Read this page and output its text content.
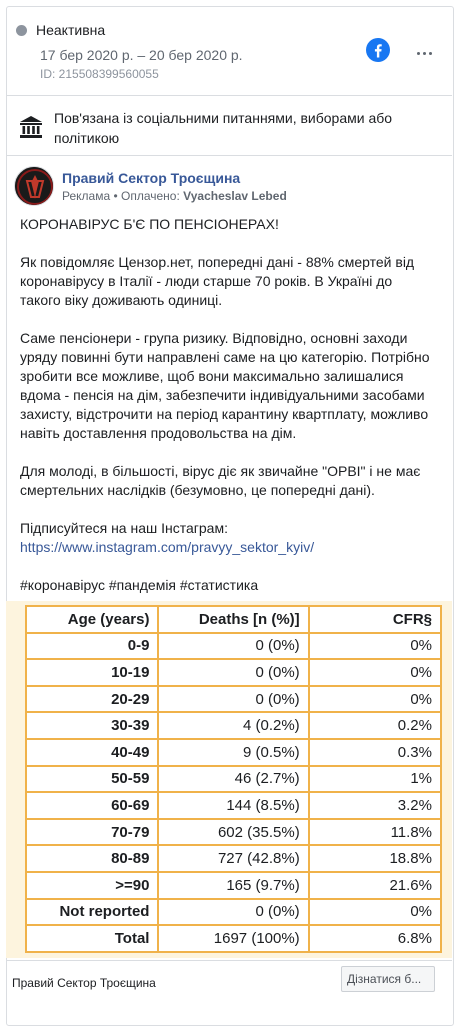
Неактивна
17 бер 2020 р. – 20 бер 2020 р.
ID: 215508399560055
Пов'язана із соціальними питаннями, виборами або політикою
Правий Сектор Троєщина
Реклама • Оплачено: Vyacheslav Lebed

КОРОНАВІРУС Б'Є ПО ПЕНСІОНЕРАХ!

Як повідомляє Цензор.нет, попередні дані - 88% смертей від коронавірусу в Італії - люди старше 70 років. В Україні до такого віку доживають одиниці.

Саме пенсіонери - група ризику. Відповідно, основні заходи уряду повинні бути направлені саме на цю категорію. Потрібно зробити все можливе, щоб вони максимально залишалися вдома - пенсія на дім, забезпечити індивідуальними засобами захисту, відстрочити на період карантину квартплату, можливо навіть доставлення продовольства на дім.

Для молоді, в більшості, вірус діє як звичайне "ОРВІ" і не має смертельних наслідків (безумовно, це попередні дані).

Підписуйтеся на наш Інстаграм:

https://www.instagram.com/pravyy_sektor_kyiv/

#коронавірус #пандемія #статистика

Age (years)	Deaths [n (%)]	CFR§
0-9	0 (0%)	0%
10-19	0 (0%)	0%
20-29	0 (0%)	0%
30-39	4 (0.2%)	0.2%
40-49	9 (0.5%)	0.3%
50-59	46 (2.7%)	1%
60-69	144 (8.5%)	3.2%
70-79	602 (35.5%)	11.8%
80-89	727 (42.8%)	18.8%
>=90	165 (9.7%)	21.6%
Not reported	0 (0%)	0%
Total	1697 (100%)	6.8%
Правий Сектор Троєщина	Дізнатися б...
